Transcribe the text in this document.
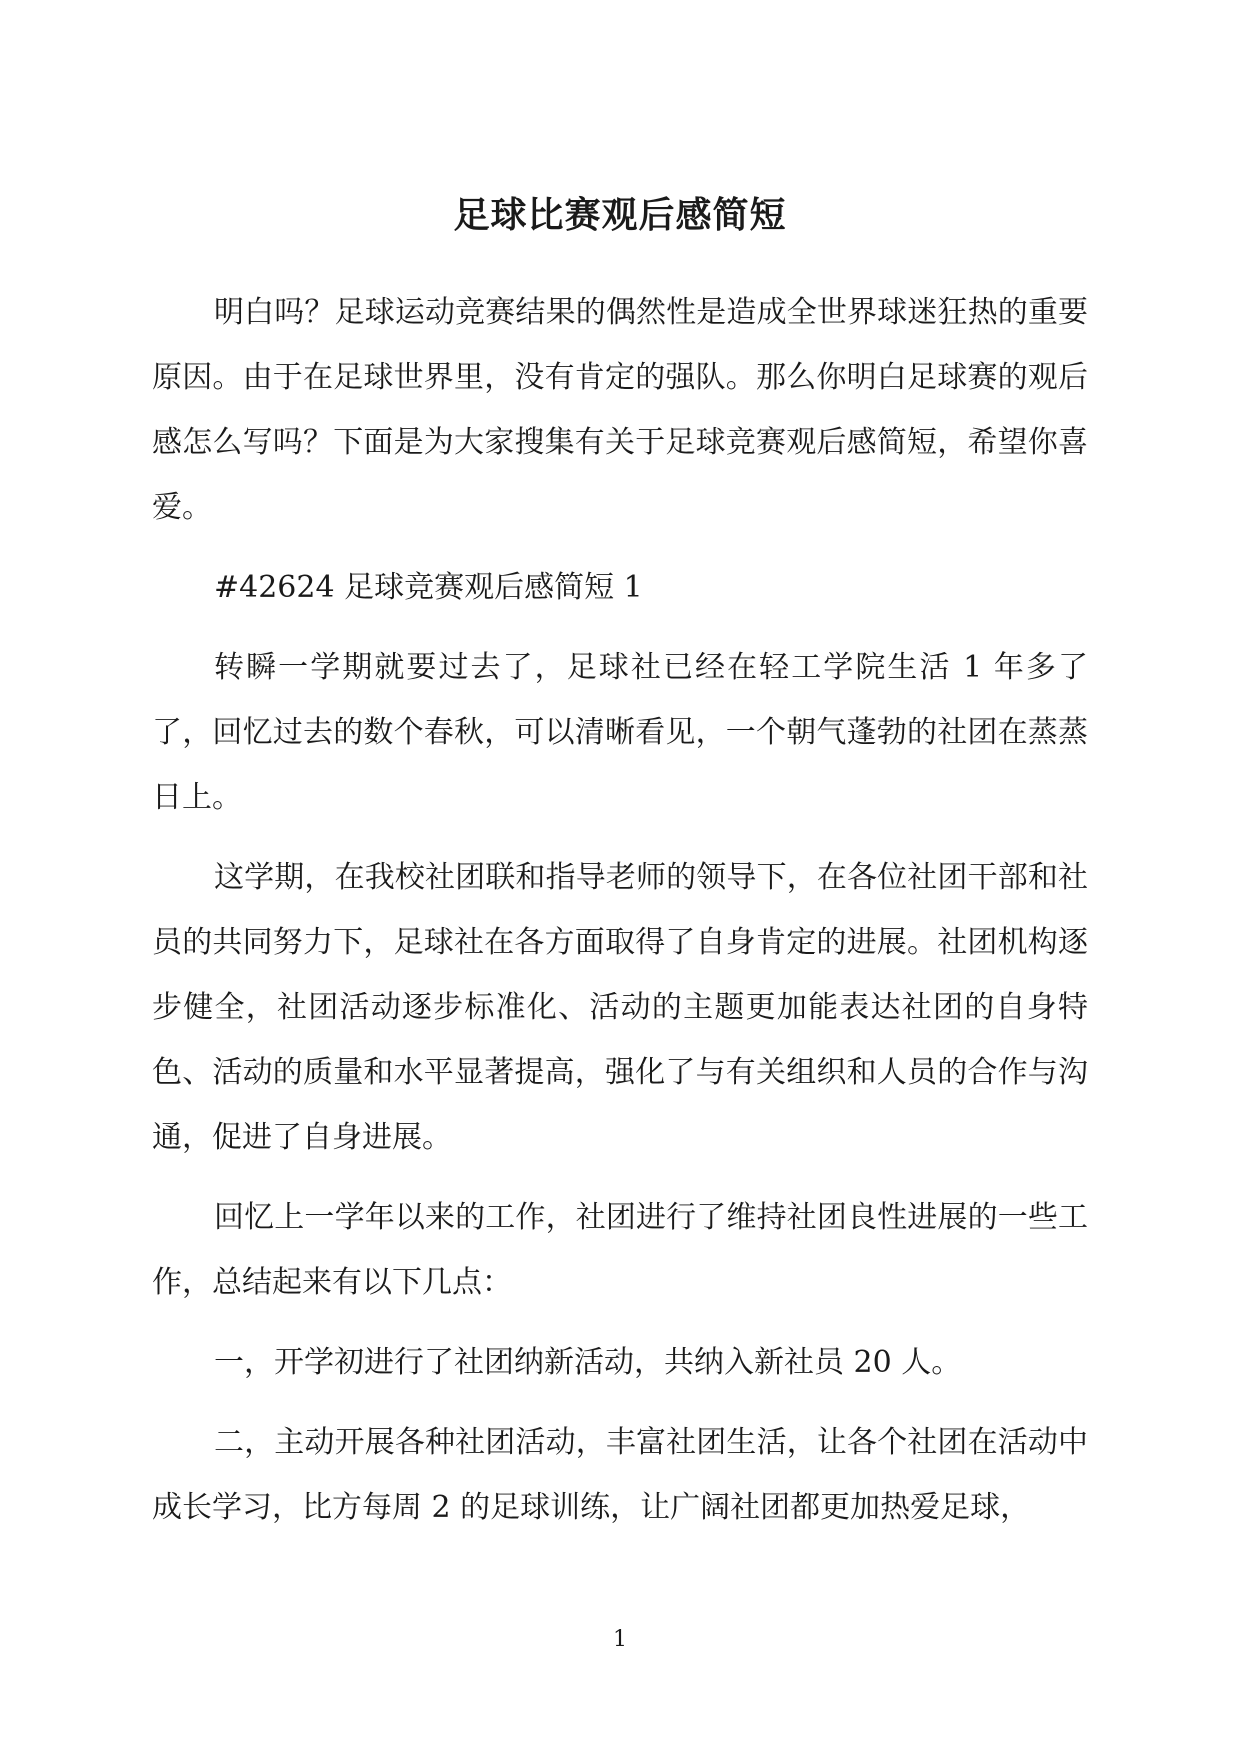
足球比赛观后感简短

明白吗？足球运动竞赛结果的偶然性是造成全世界球迷狂热的重要原因。由于在足球世界里，没有肯定的强队。那么你明白足球赛的观后感怎么写吗？下面是为大家搜集有关于足球竞赛观后感简短，希望你喜爱。

#42624 足球竞赛观后感简短 1

转瞬一学期就要过去了，足球社已经在轻工学院生活 1 年多了了，回忆过去的数个春秋，可以清晰看见，一个朝气蓬勃的社团在蒸蒸日上。

这学期，在我校社团联和指导老师的领导下，在各位社团干部和社员的共同努力下，足球社在各方面取得了自身肯定的进展。社团机构逐步健全，社团活动逐步标准化、活动的主题更加能表达社团的自身特色、活动的质量和水平显著提高，强化了与有关组织和人员的合作与沟通，促进了自身进展。

回忆上一学年以来的工作，社团进行了维持社团良性进展的一些工作，总结起来有以下几点：

一，开学初进行了社团纳新活动，共纳入新社员 20 人。

二，主动开展各种社团活动，丰富社团生活，让各个社团在活动中成长学习，比方每周 2 的足球训练，让广阔社团都更加热爱足球，

1
